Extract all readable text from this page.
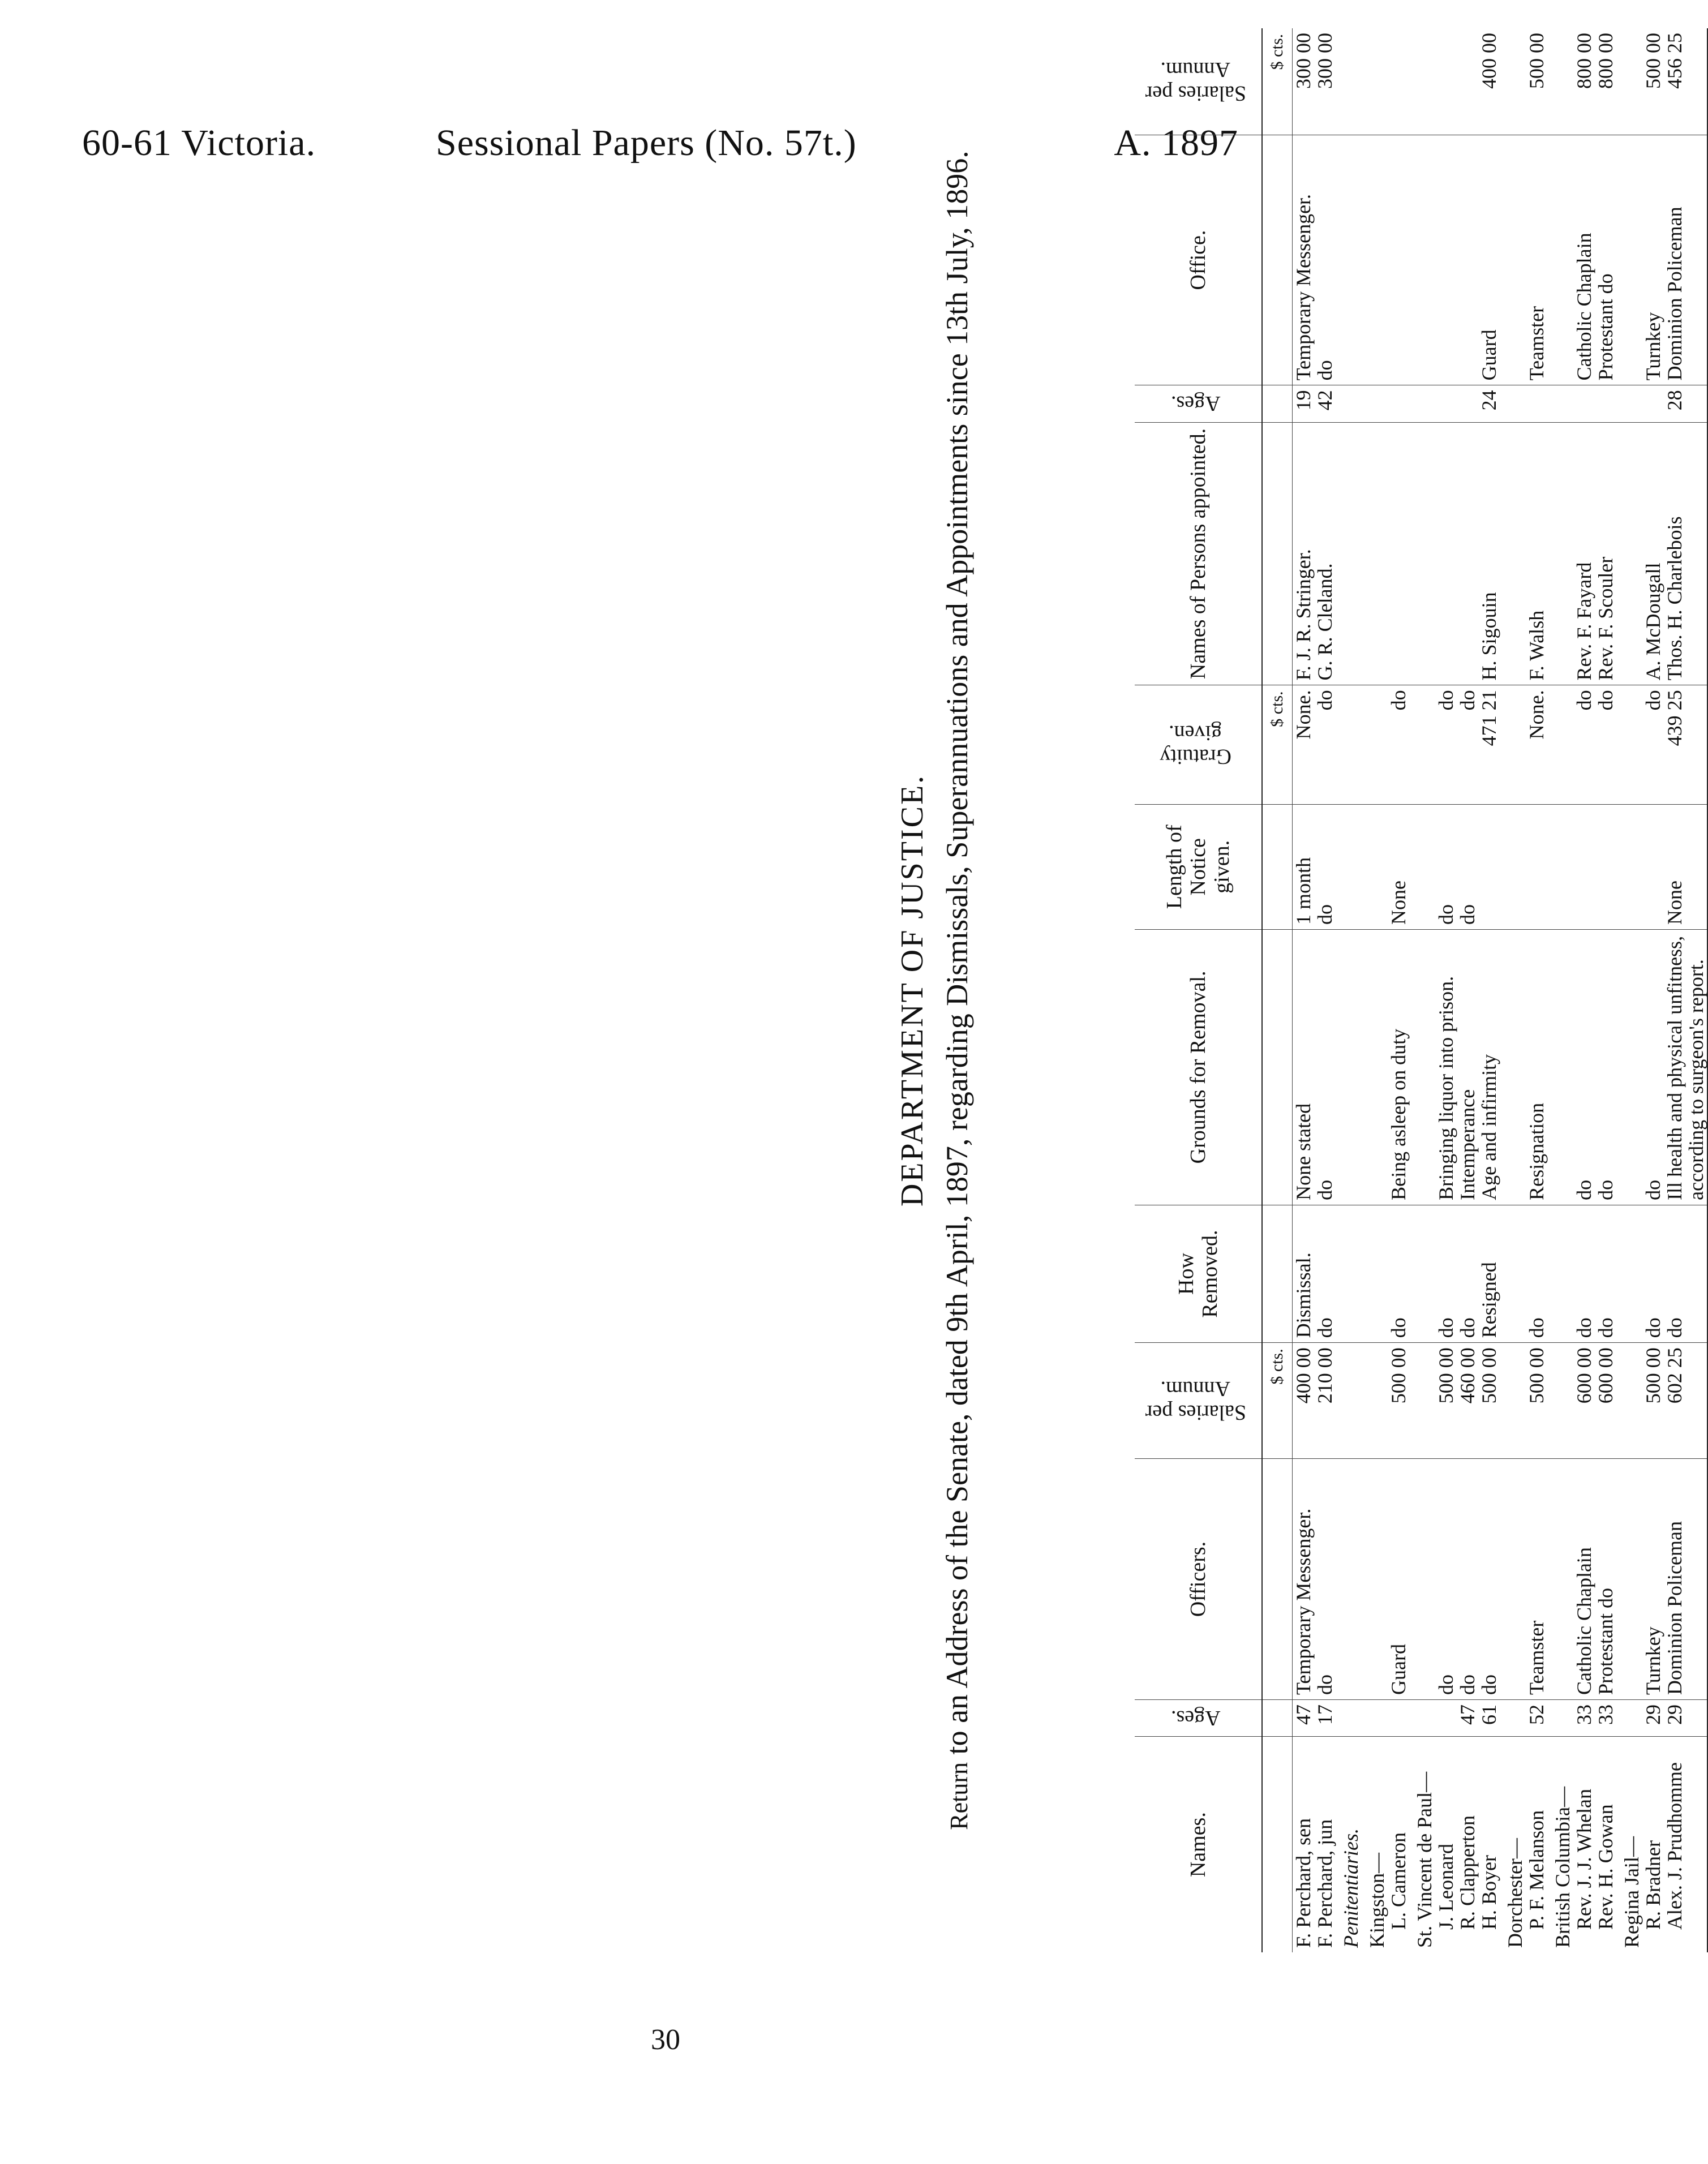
60-61 Victoria.	Sessional Papers (No. 57t.)	A. 1897
DEPARTMENT OF JUSTICE.
Return to an Address of the Senate, dated 9th April, 1897, regarding Dismissals, Superannuations and Appointments since 13th July, 1896.
Names.	Ages.	Officers.	Salaries per Annum.	How Removed.	Grounds for Removal.	Length of Notice given.	Gratuity given.	Names of Persons appointed.	Ages.	Office.	Salaries per Annum.
			$ cts.				$ cts.				$ cts.
F. Perchard, sen	47	Temporary Messenger.	400 00	Dismissal.	None stated	1 month	None.	F. J. R. Stringer.	19	Temporary Messenger.	300 00
F. Perchard, jun	17	do	210 00	do	do	do	do	G. R. Cleland.	42	do	300 00
Penitentiaries.											
Kingston—											
L. Cameron		Guard	500 00	do	Being asleep on duty	None	do				
St. Vincent de Paul—											
J. Leonard		do	500 00	do	Bringing liquor into prison.	do	do				
R. Clapperton	47	do	460 00	do	Intemperance	do	do				
H. Boyer	61	do	500 00	Resigned	Age and infirmity		471 21	H. Sigouin	24	Guard	400 00
Dorchester—											
P. F. Melanson	52	Teamster	500 00	do	Resignation		None.	F. Walsh		Teamster	500 00
British Columbia—											
Rev. J. J. Whelan	33	Catholic Chaplain	600 00	do	do		do	Rev. F. Fayard		Catholic Chaplain	800 00
Rev. H. Gowan	33	Protestant do	600 00	do	do		do	Rev. F. Scouler		Protestant do	800 00
Regina Jail—											
R. Bradner	29	Turnkey	500 00	do	do		do	A. McDougall		Turnkey	500 00
Alex. J. Prudhomme	29	Dominion Policeman	602 25	do	Ill health and physical unfitness, according to surgeon's report.	None	439 25	Thos. H. Charlebois	28	Dominion Policeman	456 25
30
